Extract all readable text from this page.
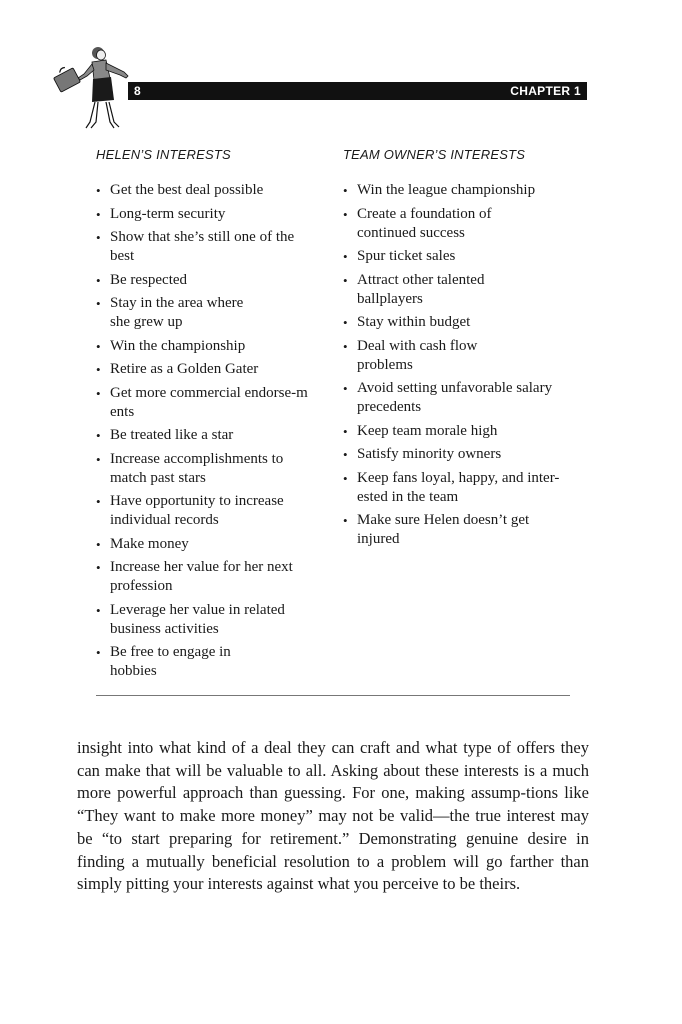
8	CHAPTER 1
HELEN’S INTERESTS
• Get the best deal possible
• Long-term security
• Show that she’s still one of the best
• Be respected
• Stay in the area where she grew up
• Win the championship
• Retire as a Golden Gater
• Get more commercial endorse-ments
• Be treated like a star
• Increase accomplishments to match past stars
• Have opportunity to increase individual records
• Make money
• Increase her value for her next profession
• Leverage her value in related business activities
• Be free to engage in hobbies
TEAM OWNER’S INTERESTS
• Win the league championship
• Create a foundation of continued success
• Spur ticket sales
• Attract other talented ballplayers
• Stay within budget
• Deal with cash flow problems
• Avoid setting unfavorable salary precedents
• Keep team morale high
• Satisfy minority owners
• Keep fans loyal, happy, and inter-ested in the team
• Make sure Helen doesn’t get injured

insight into what kind of a deal they can craft and what type of offers they can make that will be valuable to all. Asking about these interests is a much more powerful approach than guessing. For one, making assump-tions like “They want to make more money” may not be valid—the true interest may be “to start preparing for retirement.” Demonstrating genuine desire in finding a mutually beneficial resolution to a problem will go farther than simply pitting your interests against what you perceive to be theirs.
